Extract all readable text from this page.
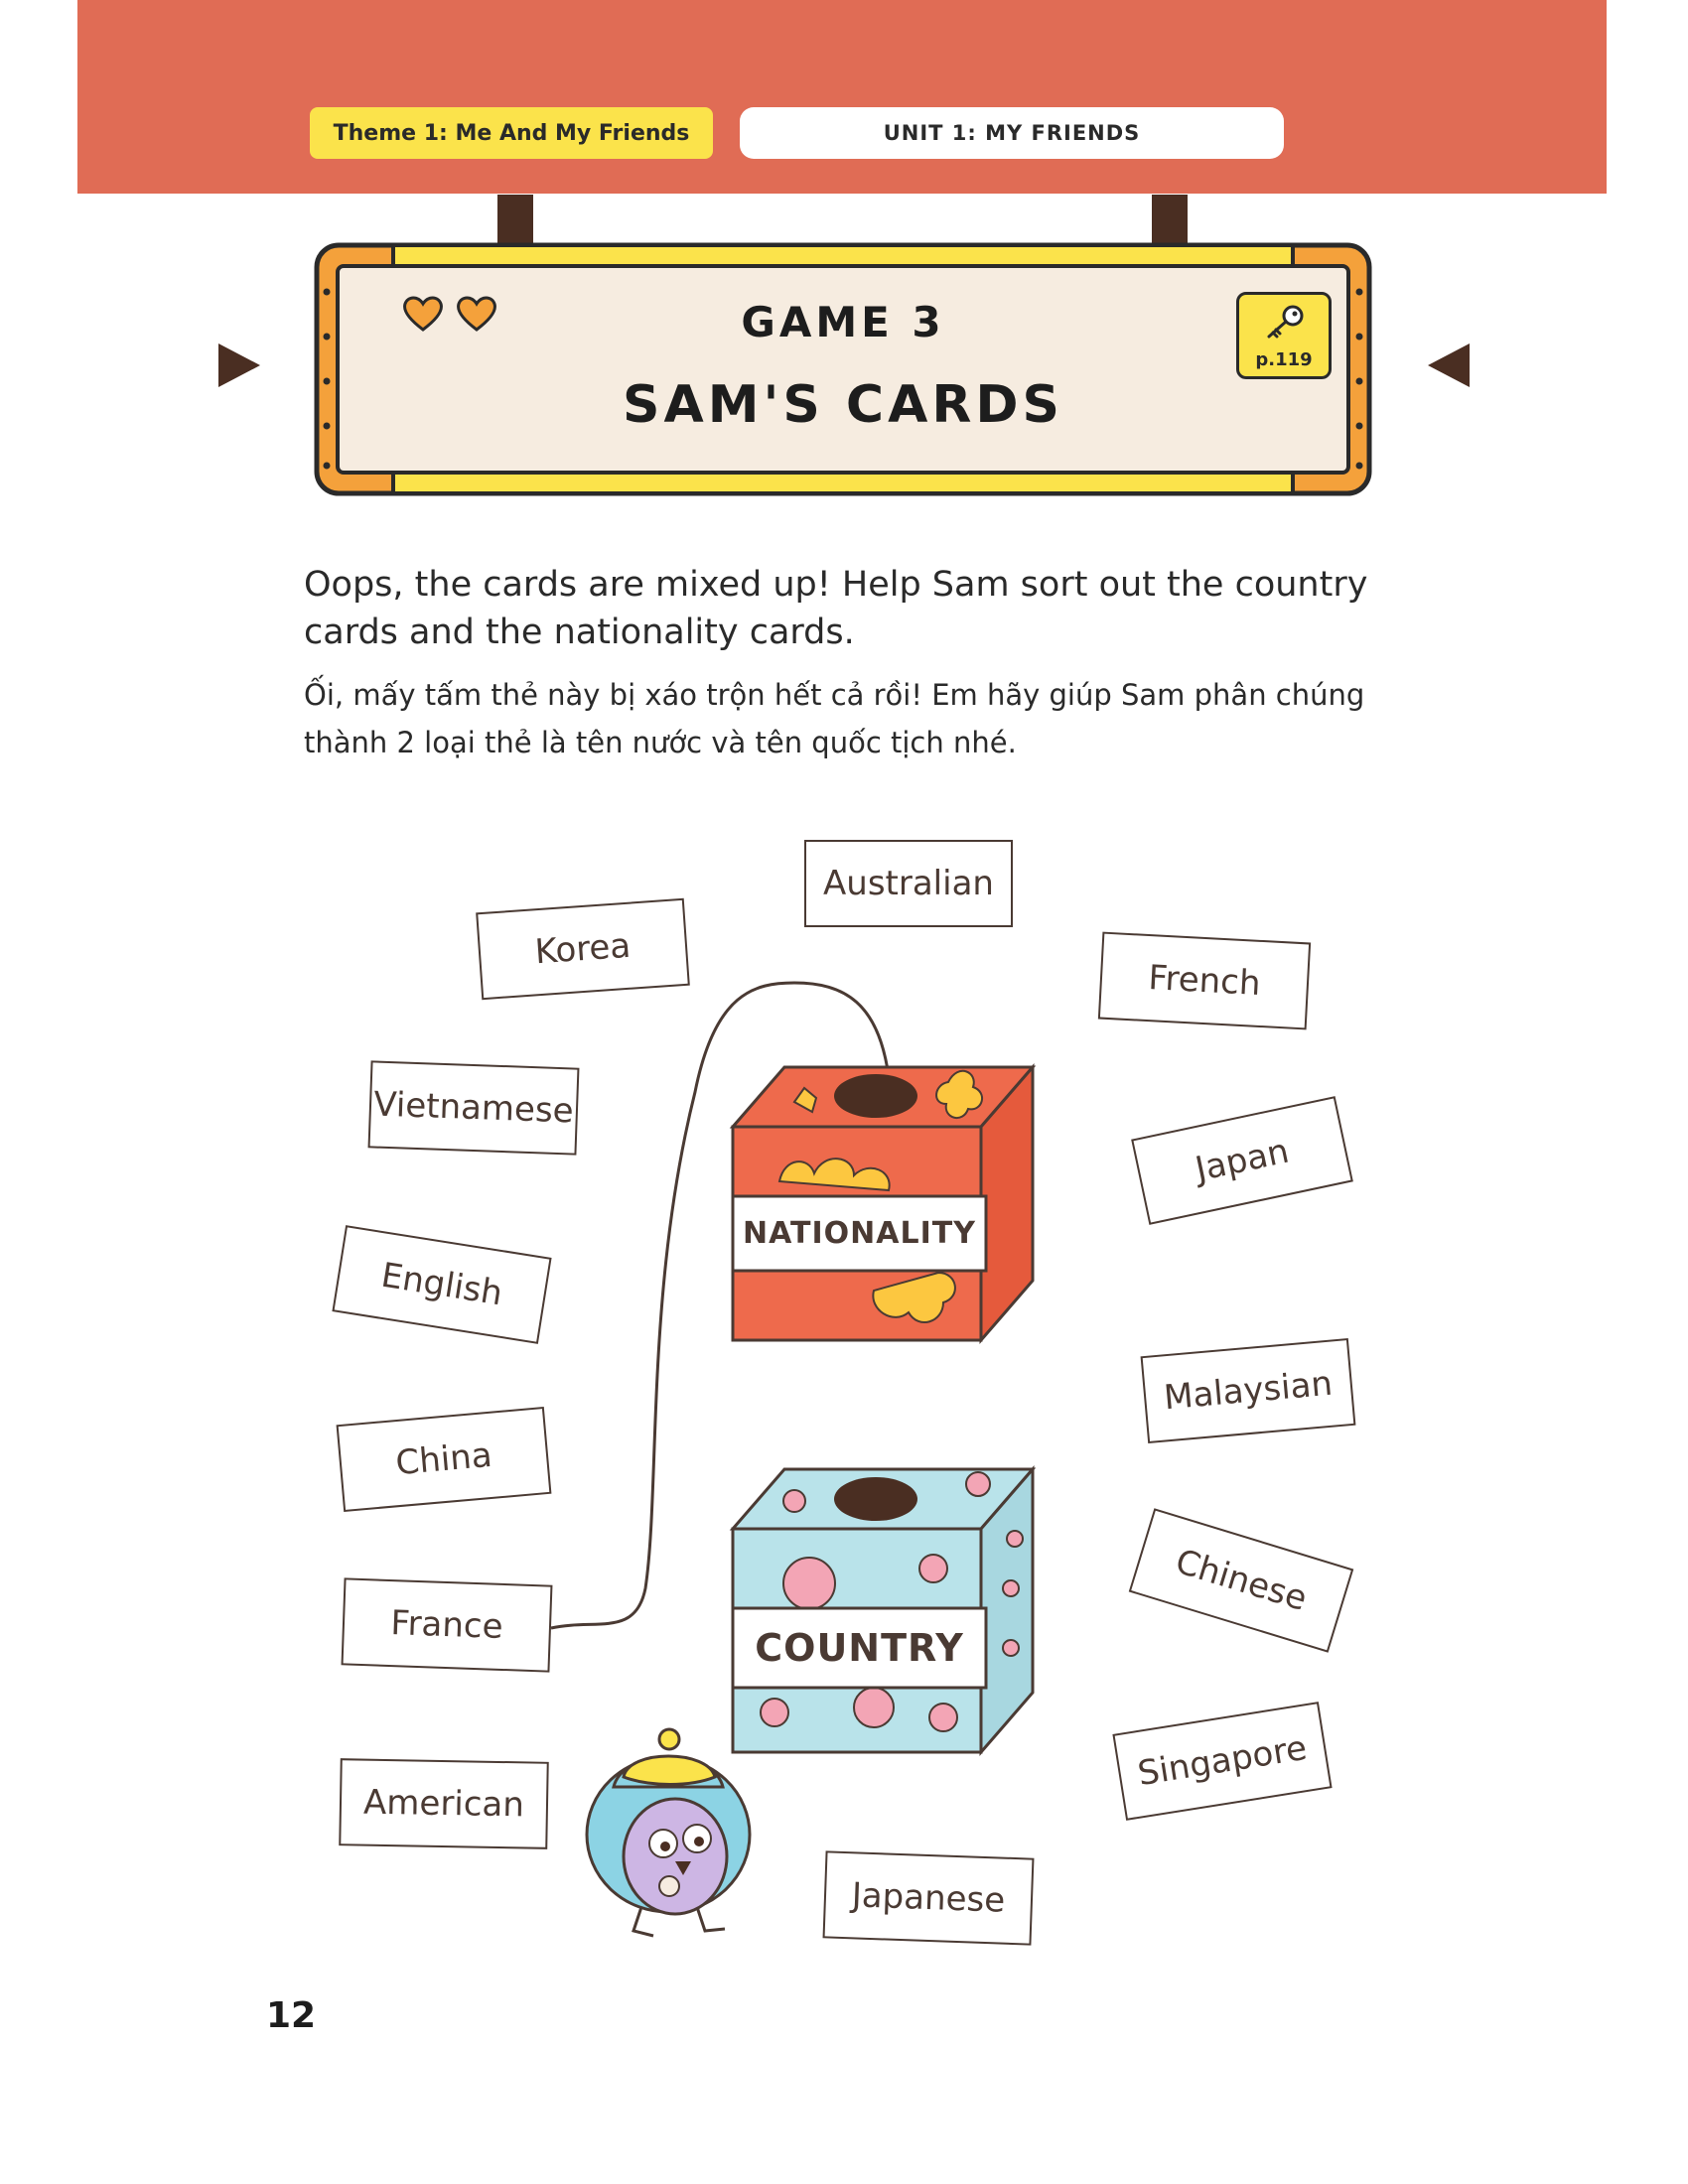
Theme 1: Me And My Friends	UNIT 1: MY FRIENDS
GAME 3
SAM'S CARDS
p.119
Oops, the cards are mixed up! Help Sam sort out the country cards and the nationality cards.
Ối, mấy tấm thẻ này bị xáo trộn hết cả rồi! Em hãy giúp Sam phân chúng thành 2 loại thẻ là tên nước và tên quốc tịch nhé.
NATIONALITY
COUNTRY
Australian
Korea
French
Vietnamese
Japan
English
Malaysian
China
Chinese
France
Singapore
American
Japanese
12
